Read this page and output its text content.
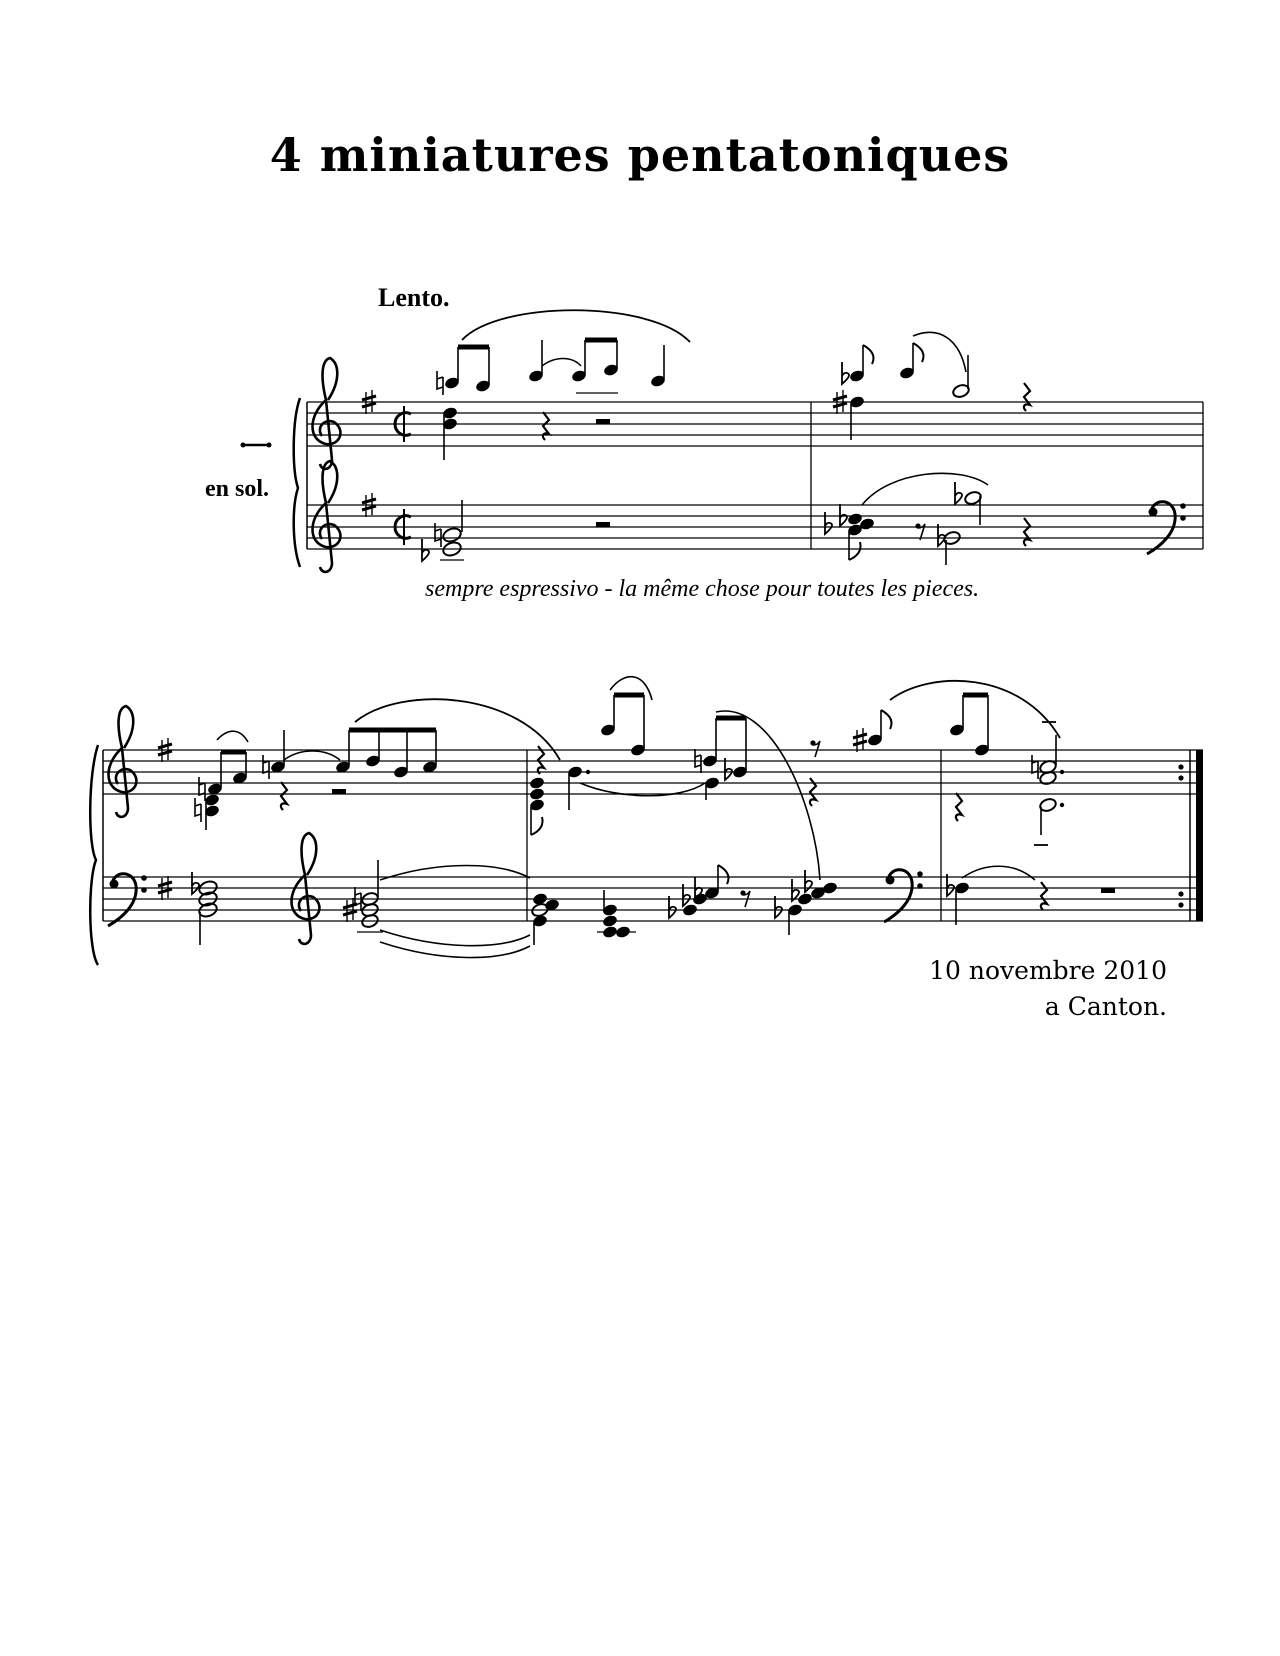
4 miniatures pentatoniques
Lento.
en sol.
sempre espressivo - la même chose pour toutes les pieces.
10 novembre 2010
a Canton.
